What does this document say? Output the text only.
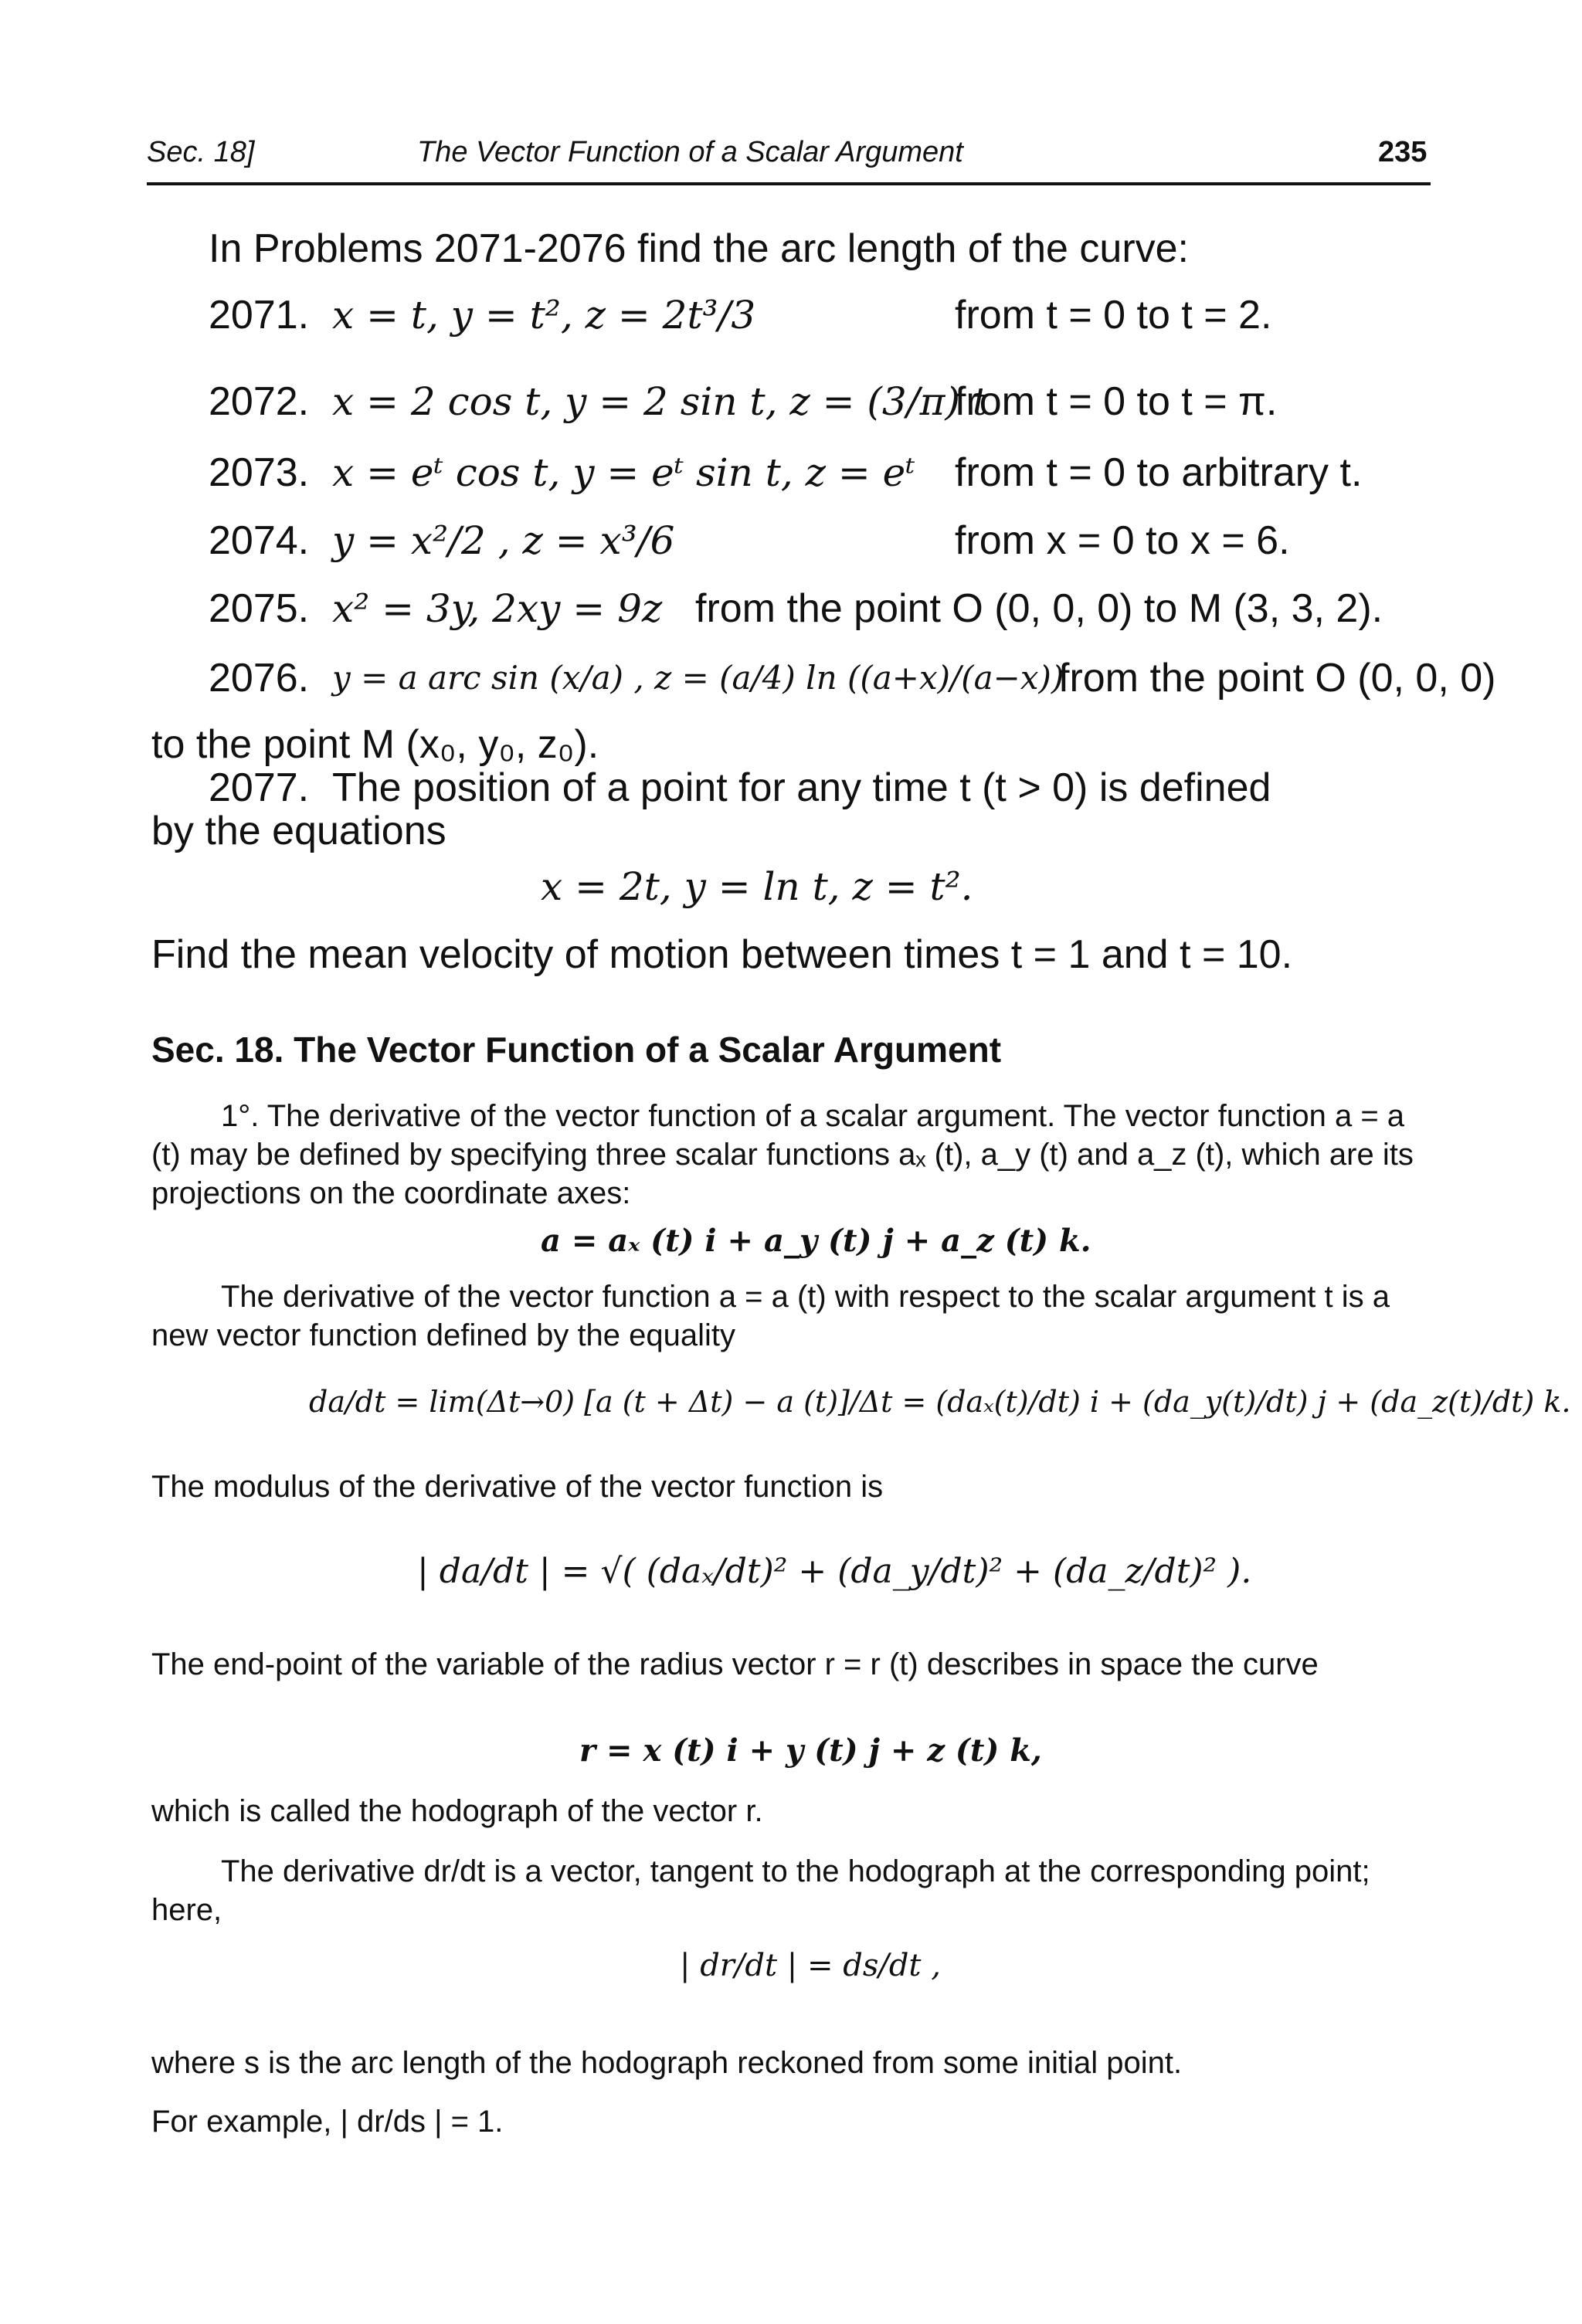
Sec. 18]	The Vector Function of a Scalar Argument	235
In Problems 2071-2076 find the arc length of the curve:
2071. x = t, y = t², z = 2t³/3	from t = 0 to t = 2.
2072. x = 2 cos t, y = 2 sin t, z = (3/π) t
from t = 0 to t = π.
2073. x = eᵗ cos t, y = eᵗ sin t, z = eᵗ from t = 0 to arbitrary t.
2074. y = x²/2 , z = x³/6	from x = 0 to x = 6.
2075. x² = 3y, 2xy = 9z from the point O (0, 0, 0) to M (3, 3, 2).
2076. y = a arc sin (x/a) , z = (a/4) ln ((a+x)/(a−x))
from the point O (0, 0, 0)
to the point M (x₀, y₀, z₀).
2077. The position of a point for any time t (t > 0) is defined
by the equations
x = 2t, y = ln t, z = t².
Find the mean velocity of motion between times t = 1 and t = 10.
Sec. 18. The Vector Function of a Scalar Argument
1°. The derivative of the vector function of a scalar argument. The vector function a = a (t) may be defined by specifying three scalar functions aₓ (t), a_y (t) and a_z (t), which are its projections on the coordinate axes:
a = aₓ (t) i + a_y (t) j + a_z (t) k.
The derivative of the vector function a = a (t) with respect to the scalar argument t is a new vector function defined by the equality
da/dt = lim(Δt→0) [a (t + Δt) − a (t)]/Δt = (daₓ(t)/dt) i + (da_y(t)/dt) j + (da_z(t)/dt) k.
The modulus of the derivative of the vector function is
| da/dt | = √( (daₓ/dt)² + (da_y/dt)² + (da_z/dt)² ).
The end-point of the variable of the radius vector r = r (t) describes in space the curve
r = x (t) i + y (t) j + z (t) k,
which is called the hodograph of the vector r.
The derivative dr/dt is a vector, tangent to the hodograph at the corresponding point; here,
| dr/dt | = ds/dt ,
where s is the arc length of the hodograph reckoned from some initial point.
For example, | dr/ds | = 1.
